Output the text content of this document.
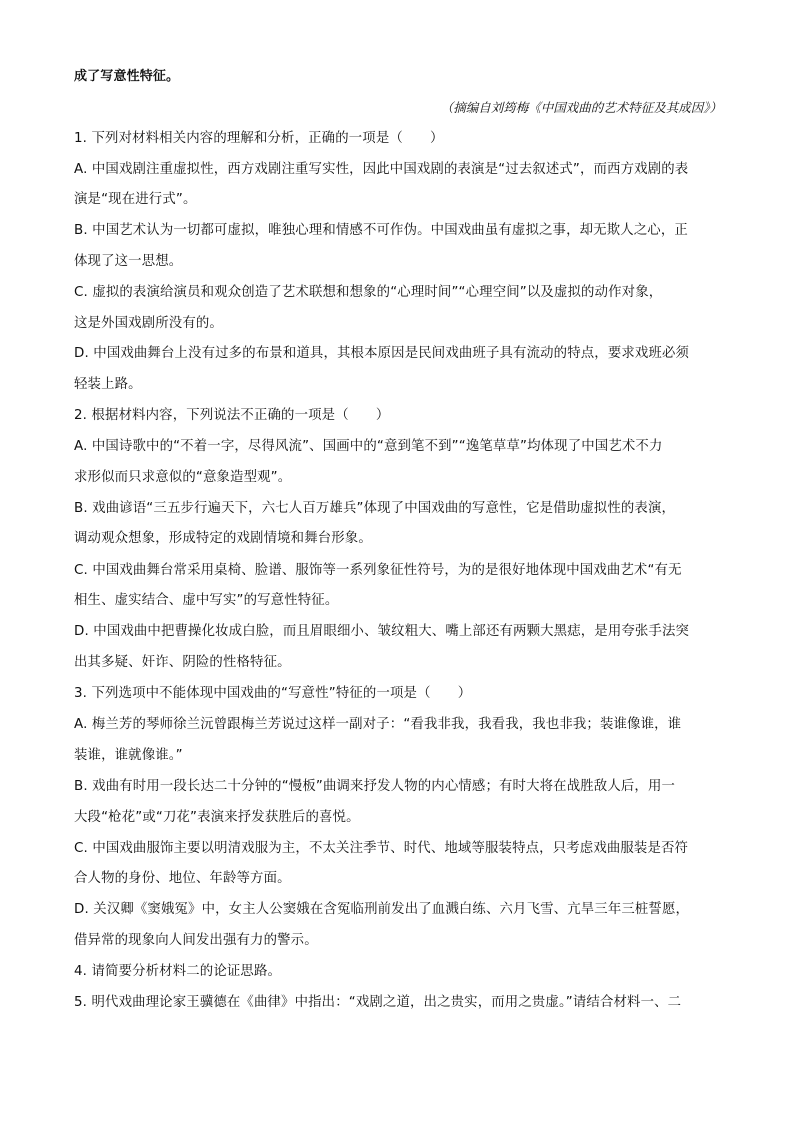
成了写意性特征。
（摘编自刘筠梅《中国戏曲的艺术特征及其成因》）
1. 下列对材料相关内容的理解和分析，正确的一项是（　　）
A. 中国戏剧注重虚拟性，西方戏剧注重写实性，因此中国戏剧的表演是“过去叙述式”，而西方戏剧的表
演是“现在进行式”。
B. 中国艺术认为一切都可虚拟，唯独心理和情感不可作伪。中国戏曲虽有虚拟之事，却无欺人之心，正
体现了这一思想。
C. 虚拟的表演给演员和观众创造了艺术联想和想象的“心理时间”“心理空间”以及虚拟的动作对象，
这是外国戏剧所没有的。
D. 中国戏曲舞台上没有过多的布景和道具，其根本原因是民间戏曲班子具有流动的特点，要求戏班必须
轻装上路。
2. 根据材料内容，下列说法不正确的一项是（　　）
A. 中国诗歌中的“不着一字，尽得风流”、国画中的“意到笔不到”“逸笔草草”均体现了中国艺术不力
求形似而只求意似的“意象造型观”。
B. 戏曲谚语“三五步行遍天下，六七人百万雄兵”体现了中国戏曲的写意性，它是借助虚拟性的表演，
调动观众想象，形成特定的戏剧情境和舞台形象。
C. 中国戏曲舞台常采用桌椅、脸谱、服饰等一系列象征性符号，为的是很好地体现中国戏曲艺术“有无
相生、虚实结合、虚中写实”的写意性特征。
D. 中国戏曲中把曹操化妆成白脸，而且眉眼细小、皱纹粗大、嘴上部还有两颗大黑痣，是用夸张手法突
出其多疑、奸诈、阴险的性格特征。
3. 下列选项中不能体现中国戏曲的“写意性”特征的一项是（　　）
A. 梅兰芳的琴师徐兰沅曾跟梅兰芳说过这样一副对子：“看我非我，我看我，我也非我；装谁像谁，谁
装谁，谁就像谁。”
B. 戏曲有时用一段长达二十分钟的“慢板”曲调来抒发人物的内心情感；有时大将在战胜敌人后，用一
大段“枪花”或“刀花”表演来抒发获胜后的喜悦。
C. 中国戏曲服饰主要以明清戏服为主，不太关注季节、时代、地域等服装特点，只考虑戏曲服装是否符
合人物的身份、地位、年龄等方面。
D. 关汉卿《窦娥冤》中，女主人公窦娥在含冤临刑前发出了血溅白练、六月飞雪、亢旱三年三桩誓愿，
借异常的现象向人间发出强有力的警示。
4. 请简要分析材料二的论证思路。
5. 明代戏曲理论家王骥德在《曲律》中指出：“戏剧之道，出之贵实，而用之贵虚。”请结合材料一、二
